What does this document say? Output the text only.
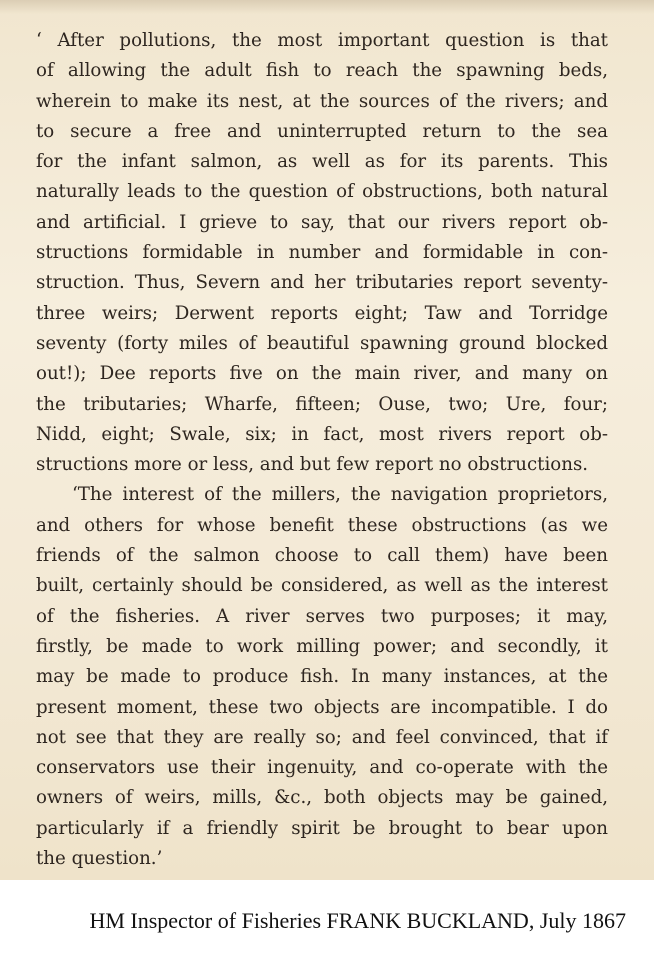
‘ After pollutions, the most important question is that
of allowing the adult fish to reach the spawning beds,
wherein to make its nest, at the sources of the rivers; and
to secure a free and uninterrupted return to the sea
for the infant salmon, as well as for its parents. This
naturally leads to the question of obstructions, both natural
and artificial. I grieve to say, that our rivers report ob-
structions formidable in number and formidable in con-
struction. Thus, Severn and her tributaries report seventy-
three weirs; Derwent reports eight; Taw and Torridge
seventy (forty miles of beautiful spawning ground blocked
out!); Dee reports five on the main river, and many on
the tributaries; Wharfe, fifteen; Ouse, two; Ure, four;
Nidd, eight; Swale, six; in fact, most rivers report ob-
structions more or less, and but few report no obstructions.
‘The interest of the millers, the navigation proprietors,
and others for whose benefit these obstructions (as we
friends of the salmon choose to call them) have been
built, certainly should be considered, as well as the interest
of the fisheries. A river serves two purposes; it may,
firstly, be made to work milling power; and secondly, it
may be made to produce fish. In many instances, at the
present moment, these two objects are incompatible. I do
not see that they are really so; and feel convinced, that if
conservators use their ingenuity, and co-operate with the
owners of weirs, mills, &c., both objects may be gained,
particularly if a friendly spirit be brought to bear upon
the question.’
HM Inspector of Fisheries FRANK BUCKLAND, July 1867
